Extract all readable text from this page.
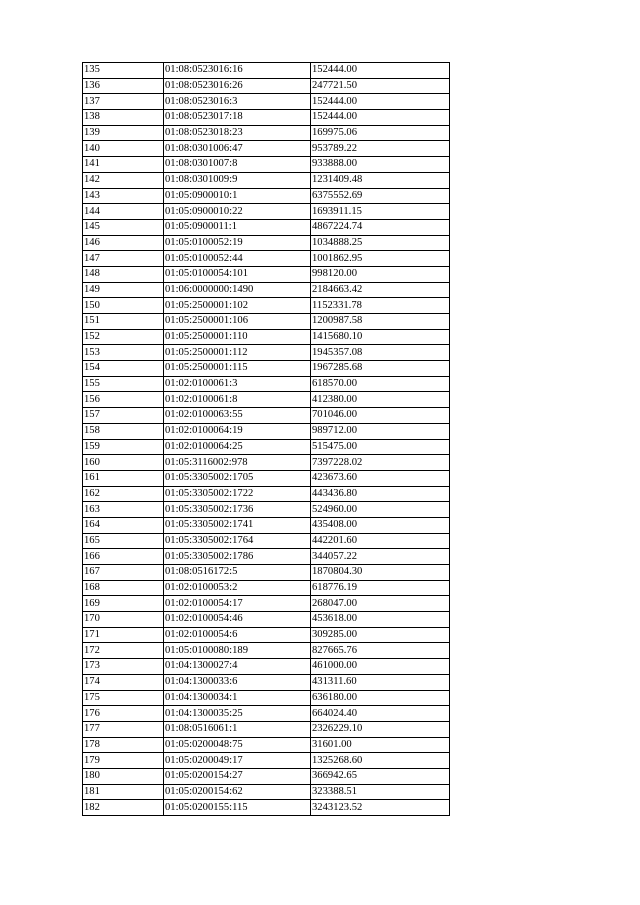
135	01:08:0523016:16	152444.00
136	01:08:0523016:26	247721.50
137	01:08:0523016:3	152444.00
138	01:08:0523017:18	152444.00
139	01:08:0523018:23	169975.06
140	01:08:0301006:47	953789.22
141	01:08:0301007:8	933888.00
142	01:08:0301009:9	1231409.48
143	01:05:0900010:1	6375552.69
144	01:05:0900010:22	1693911.15
145	01:05:0900011:1	4867224.74
146	01:05:0100052:19	1034888.25
147	01:05:0100052:44	1001862.95
148	01:05:0100054:101	998120.00
149	01:06:0000000:1490	2184663.42
150	01:05:2500001:102	1152331.78
151	01:05:2500001:106	1200987.58
152	01:05:2500001:110	1415680.10
153	01:05:2500001:112	1945357.08
154	01:05:2500001:115	1967285.68
155	01:02:0100061:3	618570.00
156	01:02:0100061:8	412380.00
157	01:02:0100063:55	701046.00
158	01:02:0100064:19	989712.00
159	01:02:0100064:25	515475.00
160	01:05:3116002:978	7397228.02
161	01:05:3305002:1705	423673.60
162	01:05:3305002:1722	443436.80
163	01:05:3305002:1736	524960.00
164	01:05:3305002:1741	435408.00
165	01:05:3305002:1764	442201.60
166	01:05:3305002:1786	344057.22
167	01:08:0516172:5	1870804.30
168	01:02:0100053:2	618776.19
169	01:02:0100054:17	268047.00
170	01:02:0100054:46	453618.00
171	01:02:0100054:6	309285.00
172	01:05:0100080:189	827665.76
173	01:04:1300027:4	461000.00
174	01:04:1300033:6	431311.60
175	01:04:1300034:1	636180.00
176	01:04:1300035:25	664024.40
177	01:08:0516061:1	2326229.10
178	01:05:0200048:75	31601.00
179	01:05:0200049:17	1325268.60
180	01:05:0200154:27	366942.65
181	01:05:0200154:62	323388.51
182	01:05:0200155:115	3243123.52
